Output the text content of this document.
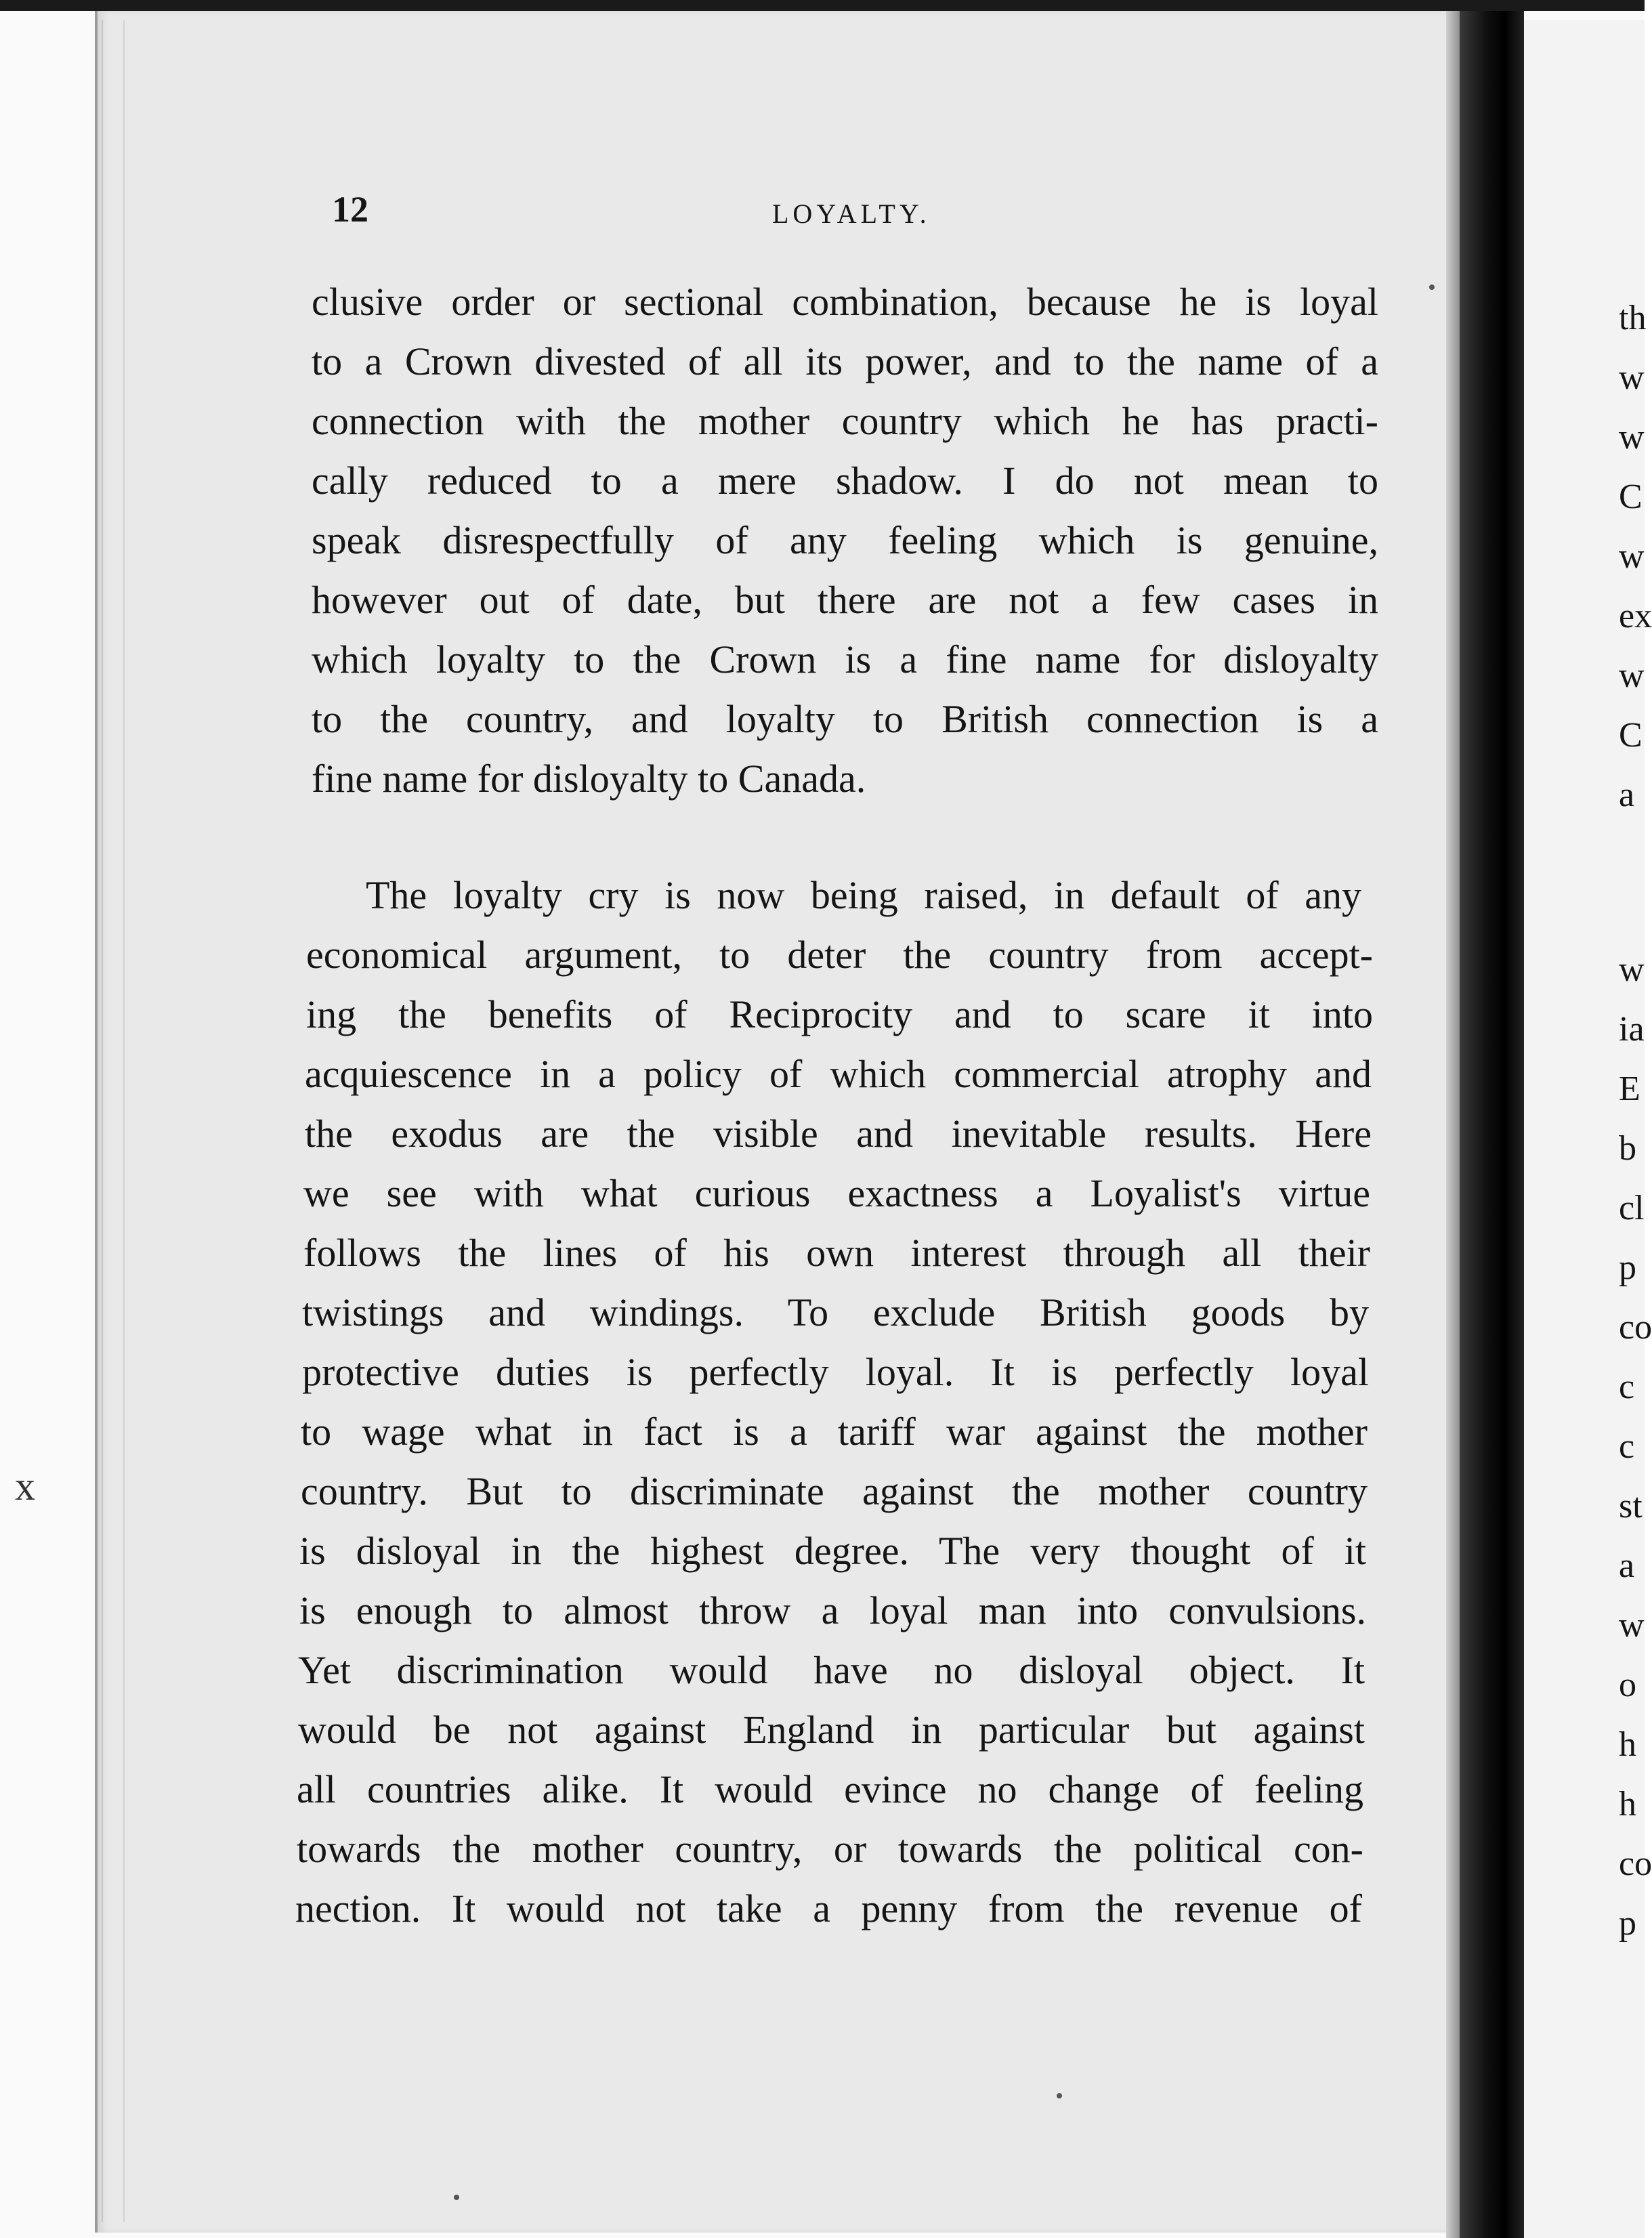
th
w
w
C
w
ex
w
C
a
w
ia
E
b
cl
p
co
c
c
st
a
w
o
h
h
co
p
x
12	LOYALTY.
clusive order or sectional combination, because he is loyal
to a Crown divested of all its power, and to the name of a
connection with the mother country which he has practi-
cally reduced to a mere shadow. I do not mean to
speak disrespectfully of any feeling which is genuine,
however out of date, but there are not a few cases in
which loyalty to the Crown is a fine name for disloyalty
to the country, and loyalty to British connection is a
fine name for disloyalty to Canada.
The loyalty cry is now being raised, in default of any
economical argument, to deter the country from accept-
ing the benefits of Reciprocity and to scare it into
acquiescence in a policy of which commercial atrophy and
the exodus are the visible and inevitable results. Here
we see with what curious exactness a Loyalist's virtue
follows the lines of his own interest through all their
twistings and windings. To exclude British goods by
protective duties is perfectly loyal. It is perfectly loyal
to wage what in fact is a tariff war against the mother
country. But to discriminate against the mother country
is disloyal in the highest degree. The very thought of it
is enough to almost throw a loyal man into convulsions.
Yet discrimination would have no disloyal object. It
would be not against England in particular but against
all countries alike. It would evince no change of feeling
towards the mother country, or towards the political con-
nection. It would not take a penny from the revenue of
